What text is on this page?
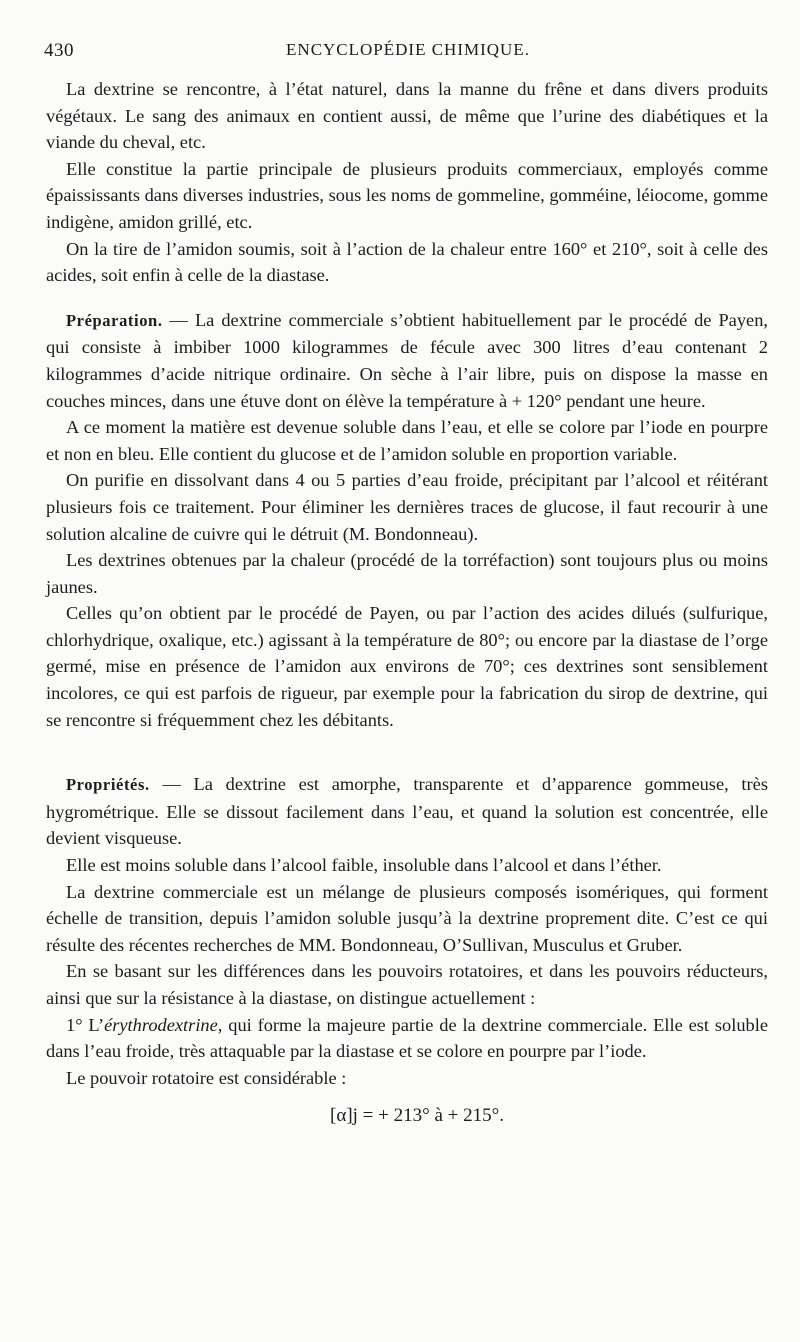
430	ENCYCLOPÉDIE CHIMIQUE.

La dextrine se rencontre, à l’état naturel, dans la manne du frêne et dans divers produits végétaux. Le sang des animaux en contient aussi, de même que l’urine des diabétiques et la viande du cheval, etc.

Elle constitue la partie principale de plusieurs produits commerciaux, employés comme épaississants dans diverses industries, sous les noms de gommeline, gomméine, léiocome, gomme indigène, amidon grillé, etc.

On la tire de l’amidon soumis, soit à l’action de la chaleur entre 160° et 210°, soit à celle des acides, soit enfin à celle de la diastase.

Préparation. — La dextrine commerciale s’obtient habituellement par le procédé de Payen, qui consiste à imbiber 1000 kilogrammes de fécule avec 300 litres d’eau contenant 2 kilogrammes d’acide nitrique ordinaire. On sèche à l’air libre, puis on dispose la masse en couches minces, dans une étuve dont on élève la température à + 120° pendant une heure.

A ce moment la matière est devenue soluble dans l’eau, et elle se colore par l’iode en pourpre et non en bleu. Elle contient du glucose et de l’amidon soluble en proportion variable.

On purifie en dissolvant dans 4 ou 5 parties d’eau froide, précipitant par l’alcool et réitérant plusieurs fois ce traitement. Pour éliminer les dernières traces de glucose, il faut recourir à une solution alcaline de cuivre qui le détruit (M. Bondonneau).

Les dextrines obtenues par la chaleur (procédé de la torréfaction) sont toujours plus ou moins jaunes.

Celles qu’on obtient par le procédé de Payen, ou par l’action des acides dilués (sulfurique, chlorhydrique, oxalique, etc.) agissant à la température de 80°; ou encore par la diastase de l’orge germé, mise en présence de l’amidon aux environs de 70°; ces dextrines sont sensiblement incolores, ce qui est parfois de rigueur, par exemple pour la fabrication du sirop de dextrine, qui se rencontre si fréquemment chez les débitants.

Propriétés. — La dextrine est amorphe, transparente et d’apparence gommeuse, très hygrométrique. Elle se dissout facilement dans l’eau, et quand la solution est concentrée, elle devient visqueuse.

Elle est moins soluble dans l’alcool faible, insoluble dans l’alcool et dans l’éther.

La dextrine commerciale est un mélange de plusieurs composés isomériques, qui forment échelle de transition, depuis l’amidon soluble jusqu’à la dextrine proprement dite. C’est ce qui résulte des récentes recherches de MM. Bondonneau, O’Sullivan, Musculus et Gruber.

En se basant sur les différences dans les pouvoirs rotatoires, et dans les pouvoirs réducteurs, ainsi que sur la résistance à la diastase, on distingue actuellement :

1° L’érythrodextrine, qui forme la majeure partie de la dextrine commerciale. Elle est soluble dans l’eau froide, très attaquable par la diastase et se colore en pourpre par l’iode.

Le pouvoir rotatoire est considérable :

[α]j = + 213° à + 215°.
